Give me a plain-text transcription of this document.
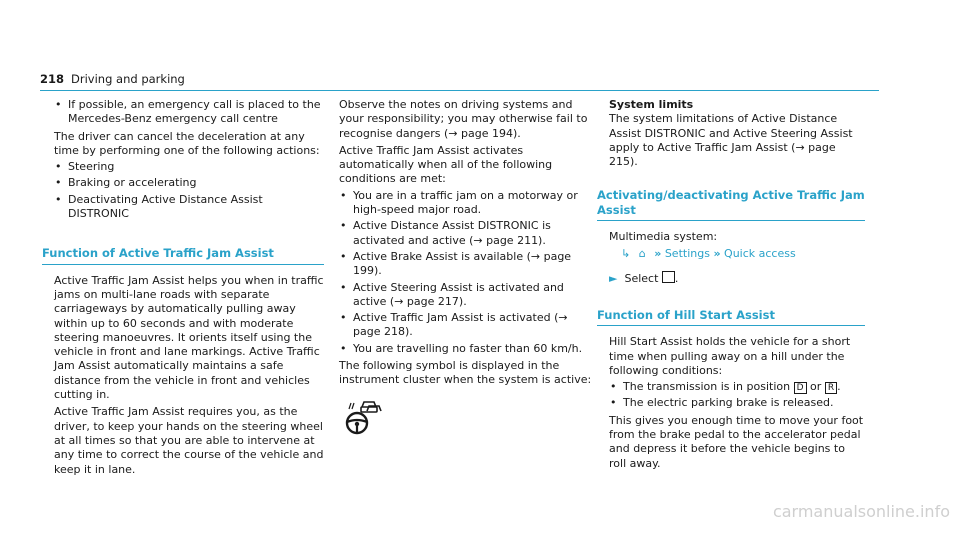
218 Driving and parking

• If possible, an emergency call is placed to the Mercedes-Benz emergency call centre

The driver can cancel the deceleration at any time by performing one of the following actions:

• Steering

• Braking or accelerating

• Deactivating Active Distance Assist DISTRONIC

Function of Active Traffic Jam Assist

Active Traffic Jam Assist helps you when in traffic jams on multi-lane roads with separate carriageways by automatically pulling away within up to 60 seconds and with moderate steering manoeuvres. It orients itself using the vehicle in front and lane markings. Active Traffic Jam Assist automatically maintains a safe distance from the vehicle in front and vehicles cutting in.

Active Traffic Jam Assist requires you, as the driver, to keep your hands on the steering wheel at all times so that you are able to intervene at any time to correct the course of the vehicle and keep it in lane.

Observe the notes on driving systems and your responsibility; you may otherwise fail to recognise dangers (→ page 194).

Active Traffic Jam Assist activates automatically when all of the following conditions are met:

• You are in a traffic jam on a motorway or high-speed major road.

• Active Distance Assist DISTRONIC is activated and active (→ page 211).

• Active Brake Assist is available (→ page 199).

• Active Steering Assist is activated and active (→ page 217).

• Active Traffic Jam Assist is activated (→ page 218).

• You are travelling no faster than 60 km/h.

The following symbol is displayed in the instrument cluster when the system is active:

System limits

The system limitations of Active Distance Assist DISTRONIC and Active Steering Assist apply to Active Traffic Jam Assist (→ page 215).

Activating/deactivating Active Traffic Jam Assist

Multimedia system:

↳ ⌂ » Settings » Quick access

► Select .

Function of Hill Start Assist

Hill Start Assist holds the vehicle for a short time when pulling away on a hill under the following conditions:

• The transmission is in position D or R .

• The electric parking brake is released.

This gives you enough time to move your foot from the brake pedal to the accelerator pedal and depress it before the vehicle begins to roll away.

carmanualsonline.info
